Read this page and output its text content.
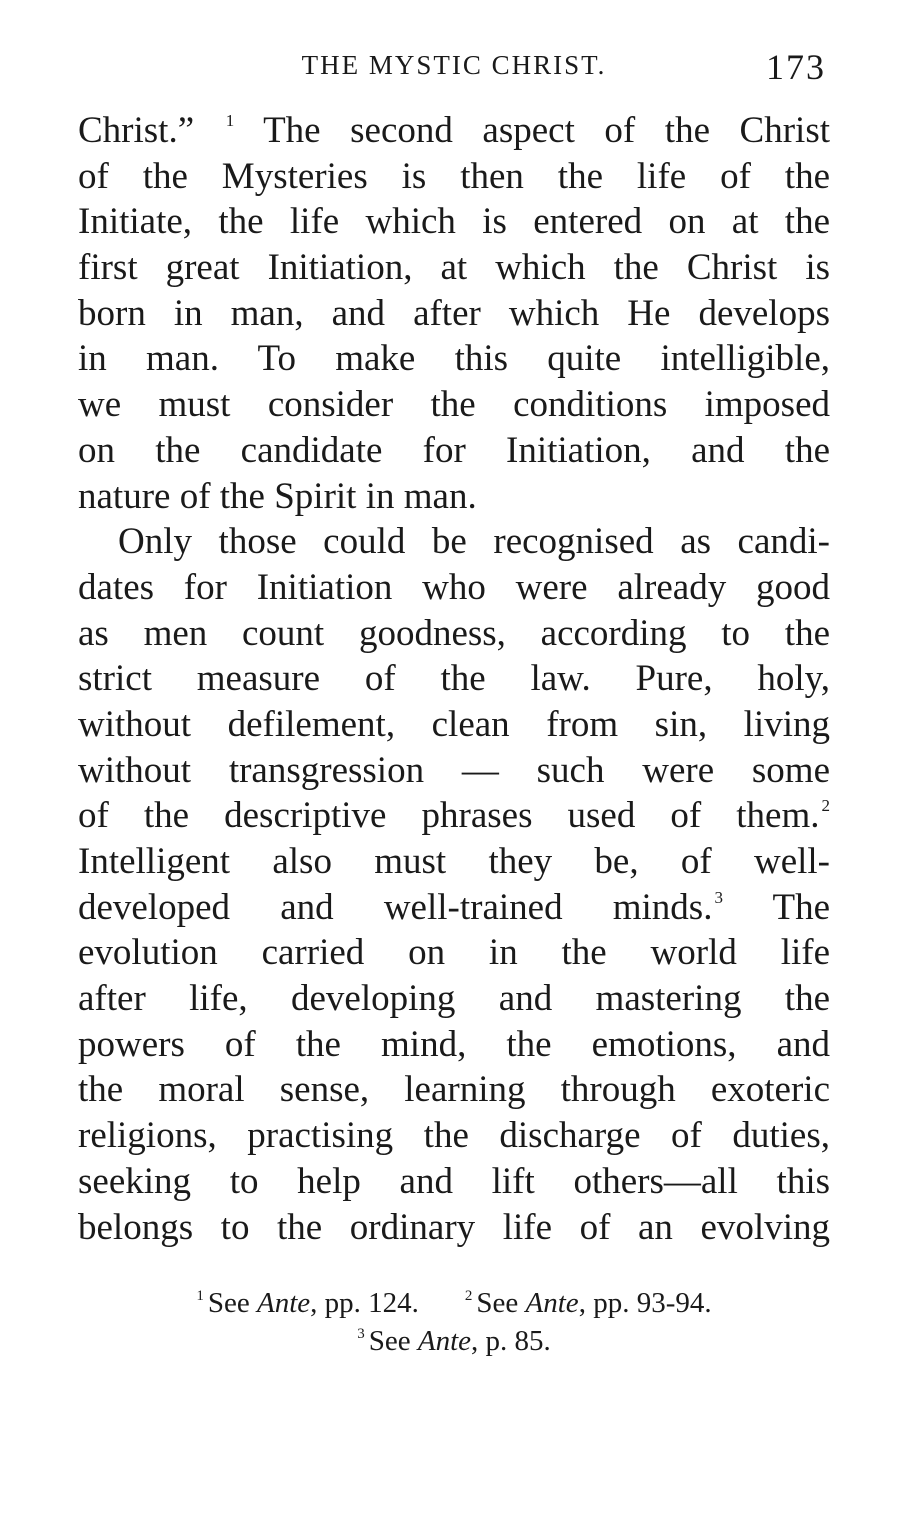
THE MYSTIC CHRIST.	173
Christ.” $^1$ The second aspect of the Christ
of the Mysteries is then the life of the
Initiate, the life which is entered on at the
first great Initiation, at which the Christ is
born in man, and after which He develops
in man. To make this quite intelligible,
we must consider the conditions imposed
on the candidate for Initiation, and the
nature of the Spirit in man.
Only those could be recognised as candi-
dates for Initiation who were already good
as men count goodness, according to the
strict measure of the law. Pure, holy,
without defilement, clean from sin, living
without transgression — such were some
of the descriptive phrases used of them. $^2$
Intelligent also must they be, of well-
developed and well-trained minds. $^3$ The
evolution carried on in the world life
after life, developing and mastering the
powers of the mind, the emotions, and
the moral sense, learning through exoteric
religions, practising the discharge of duties,
seeking to help and lift others—all this
belongs to the ordinary life of an evolving
$^1$ See Ante, pp. 124.	$^2$ See Ante, pp. 93-94.
$^3$ See Ante, p. 85.
